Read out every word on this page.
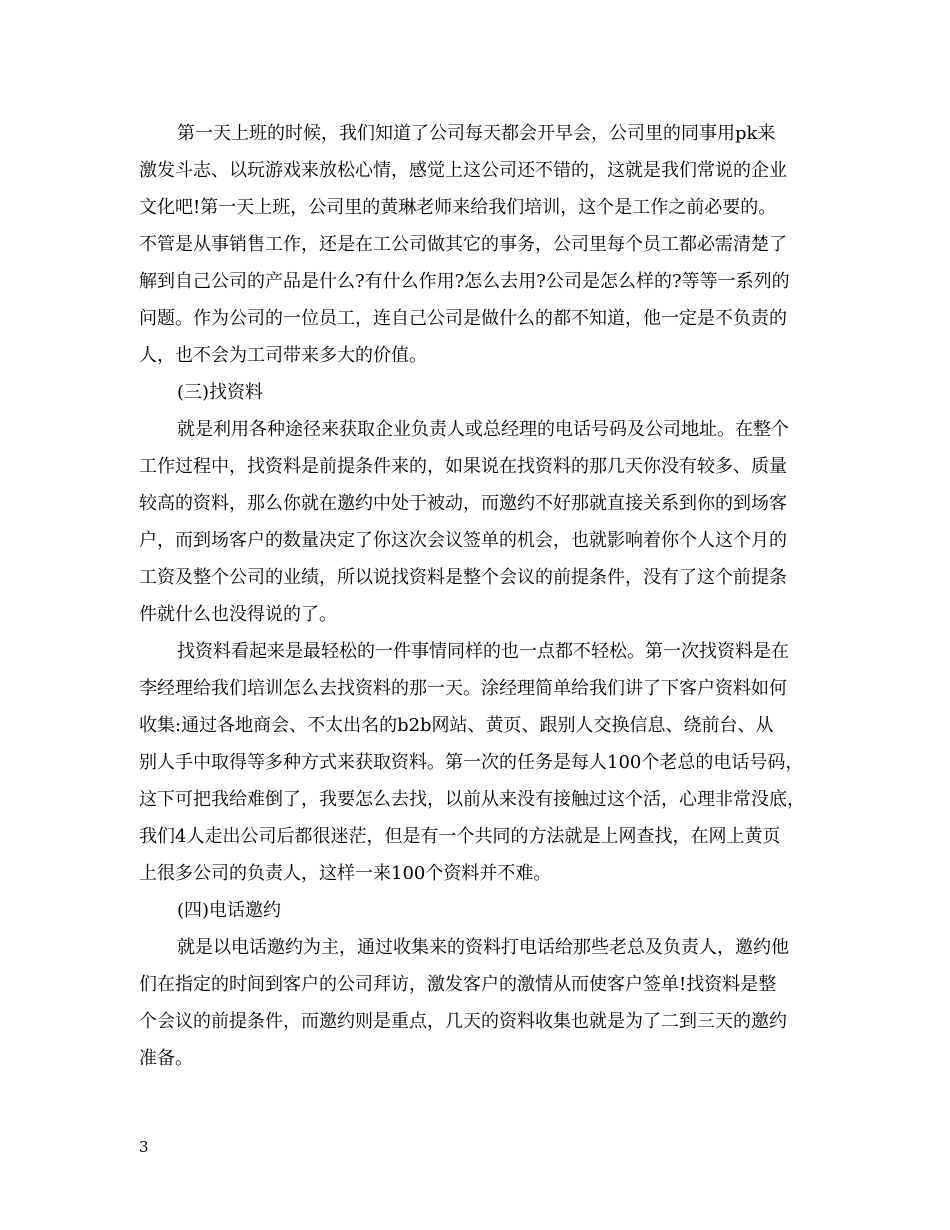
第一天上班的时候，我们知道了公司每天都会开早会，公司里的同事用pk来
激发斗志、以玩游戏来放松心情，感觉上这公司还不错的，这就是我们常说的企业
文化吧!第一天上班，公司里的黄琳老师来给我们培训，这个是工作之前必要的。
不管是从事销售工作，还是在工公司做其它的事务，公司里每个员工都必需清楚了
解到自己公司的产品是什么?有什么作用?怎么去用?公司是怎么样的?等等一系列的
问题。作为公司的一位员工，连自己公司是做什么的都不知道，他一定是不负责的
人，也不会为工司带来多大的价值。
(三)找资料
就是利用各种途径来获取企业负责人或总经理的电话号码及公司地址。在整个
工作过程中，找资料是前提条件来的，如果说在找资料的那几天你没有较多、质量
较高的资料，那么你就在邀约中处于被动，而邀约不好那就直接关系到你的到场客
户，而到场客户的数量决定了你这次会议签单的机会，也就影响着你个人这个月的
工资及整个公司的业绩，所以说找资料是整个会议的前提条件，没有了这个前提条
件就什么也没得说的了。
找资料看起来是最轻松的一件事情同样的也一点都不轻松。第一次找资料是在
李经理给我们培训怎么去找资料的那一天。涂经理简单给我们讲了下客户资料如何
收集:通过各地商会、不太出名的b2b网站、黄页、跟别人交换信息、绕前台、从
别人手中取得等多种方式来获取资料。第一次的任务是每人100个老总的电话号码，
这下可把我给难倒了，我要怎么去找，以前从来没有接触过这个活，心理非常没底，
我们4人走出公司后都很迷茫，但是有一个共同的方法就是上网查找，在网上黄页
上很多公司的负责人，这样一来100个资料并不难。
(四)电话邀约
就是以电话邀约为主，通过收集来的资料打电话给那些老总及负责人，邀约他
们在指定的时间到客户的公司拜访，激发客户的激情从而使客户签单!找资料是整
个会议的前提条件，而邀约则是重点，几天的资料收集也就是为了二到三天的邀约
准备。
3
